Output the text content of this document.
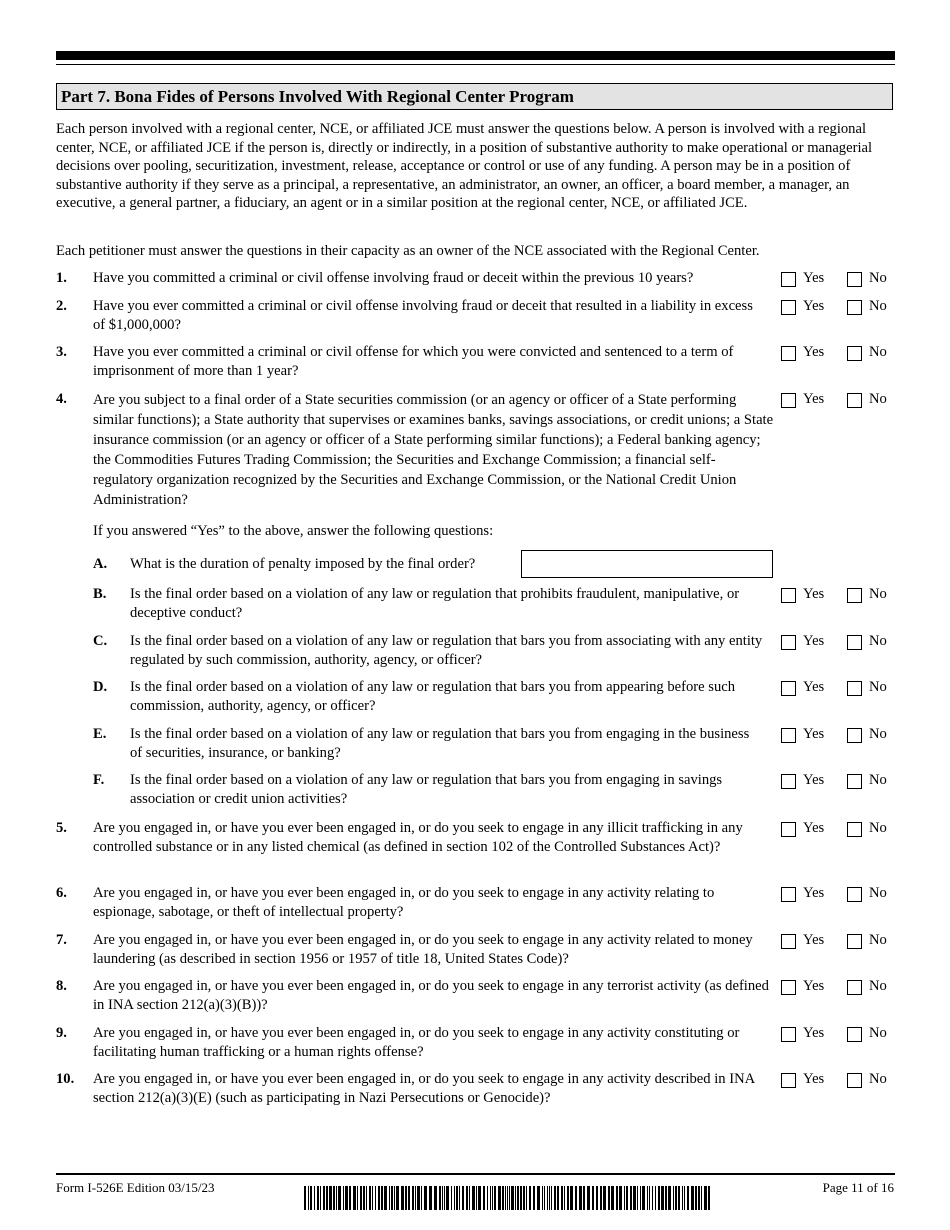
Part 7. Bona Fides of Persons Involved With Regional Center Program

Each person involved with a regional center, NCE, or affiliated JCE must answer the questions below. A person is involved with a regional center, NCE, or affiliated JCE if the person is, directly or indirectly, in a position of substantive authority to make operational or managerial decisions over pooling, securitization, investment, release, acceptance or control or use of any funding. A person may be in a position of substantive authority if they serve as a principal, a representative, an administrator, an owner, an officer, a board member, a manager, an executive, a general partner, a fiduciary, an agent or in a similar position at the regional center, NCE, or affiliated JCE.

Each petitioner must answer the questions in their capacity as an owner of the NCE associated with the Regional Center.

1. Have you committed a criminal or civil offense involving fraud or deceit within the previous 10 years?	Yes	No
2. Have you ever committed a criminal or civil offense involving fraud or deceit that resulted in a liability in excess of $1,000,000?
Yes	No
3. Have you ever committed a criminal or civil offense for which you were convicted and sentenced to a term of imprisonment of more than 1 year?
Yes	No
4. Are you subject to a final order of a State securities commission (or an agency or officer of a State performing similar functions); a State authority that supervises or examines banks, savings associations, or credit unions; a State insurance commission (or an agency or officer of a State performing similar functions); a Federal banking agency; the Commodities Futures Trading Commission; the Securities and Exchange Commission; a financial self-regulatory organization recognized by the Securities and Exchange Commission, or the National Credit Union Administration?
Yes	No
If you answered “Yes” to the above, answer the following questions:
A. What is the duration of penalty imposed by the final order?
B. Is the final order based on a violation of any law or regulation that prohibits fraudulent, manipulative, or deceptive conduct?
Yes	No
C. Is the final order based on a violation of any law or regulation that bars you from associating with any entity regulated by such commission, authority, agency, or officer?
Yes	No
D. Is the final order based on a violation of any law or regulation that bars you from appearing before such commission, authority, agency, or officer?
Yes	No
E. Is the final order based on a violation of any law or regulation that bars you from engaging in the business of securities, insurance, or banking?
Yes	No
F. Is the final order based on a violation of any law or regulation that bars you from engaging in savings association or credit union activities?
Yes	No
5. Are you engaged in, or have you ever been engaged in, or do you seek to engage in any illicit trafficking in any controlled substance or in any listed chemical (as defined in section 102 of the Controlled Substances Act)?
Yes	No
6. Are you engaged in, or have you ever been engaged in, or do you seek to engage in any activity relating to espionage, sabotage, or theft of intellectual property?
Yes	No
7. Are you engaged in, or have you ever been engaged in, or do you seek to engage in any activity related to money laundering (as described in section 1956 or 1957 of title 18, United States Code)?
Yes	No
8. Are you engaged in, or have you ever been engaged in, or do you seek to engage in any terrorist activity (as defined in INA section 212(a)(3)(B))?
Yes	No
9. Are you engaged in, or have you ever been engaged in, or do you seek to engage in any activity constituting or facilitating human trafficking or a human rights offense?
Yes	No
10. Are you engaged in, or have you ever been engaged in, or do you seek to engage in any activity described in INA section 212(a)(3)(E) (such as participating in Nazi Persecutions or Genocide)?
Yes	No
Form I-526E Edition 03/15/23	Page 11 of 16
